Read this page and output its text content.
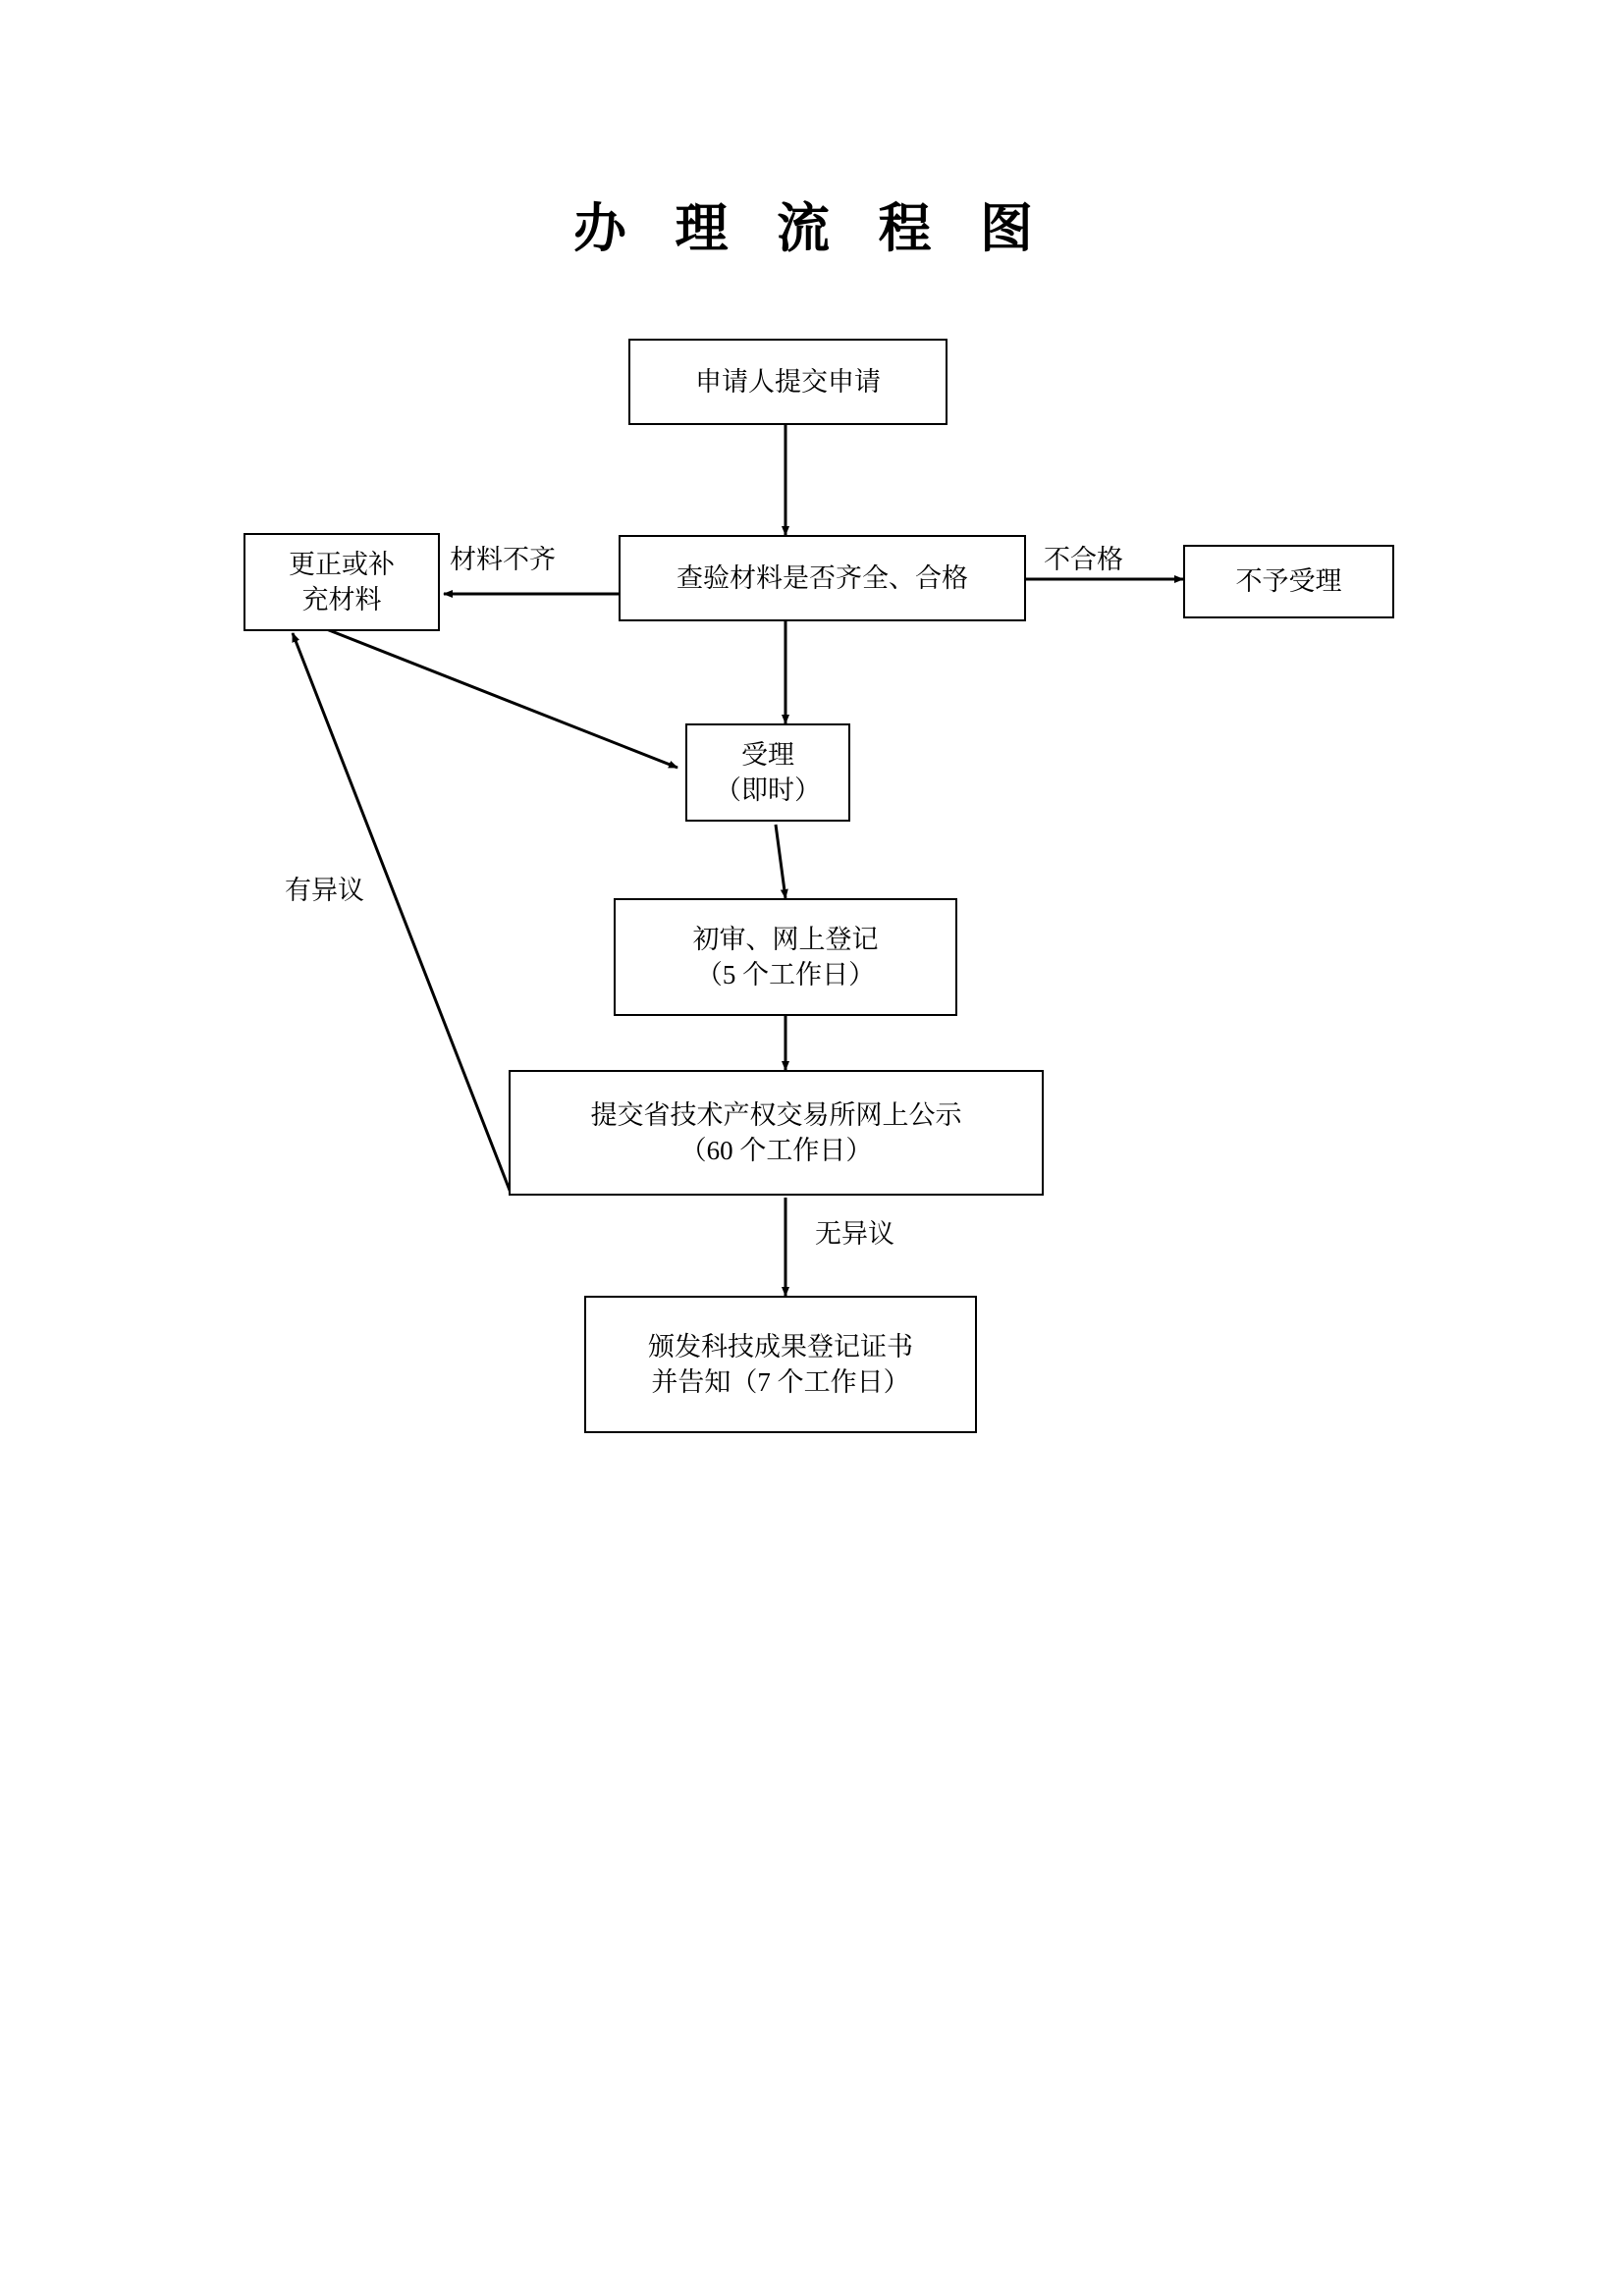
办 理 流 程 图
申请人提交申请
查验材料是否齐全、合格
更正或补
充材料
不予受理
受理
（即时）
初审、网上登记
（5 个工作日）
提交省技术产权交易所网上公示
（60 个工作日）
颁发科技成果登记证书
并告知（7 个工作日）
材料不齐	不合格
有异议
无异议
